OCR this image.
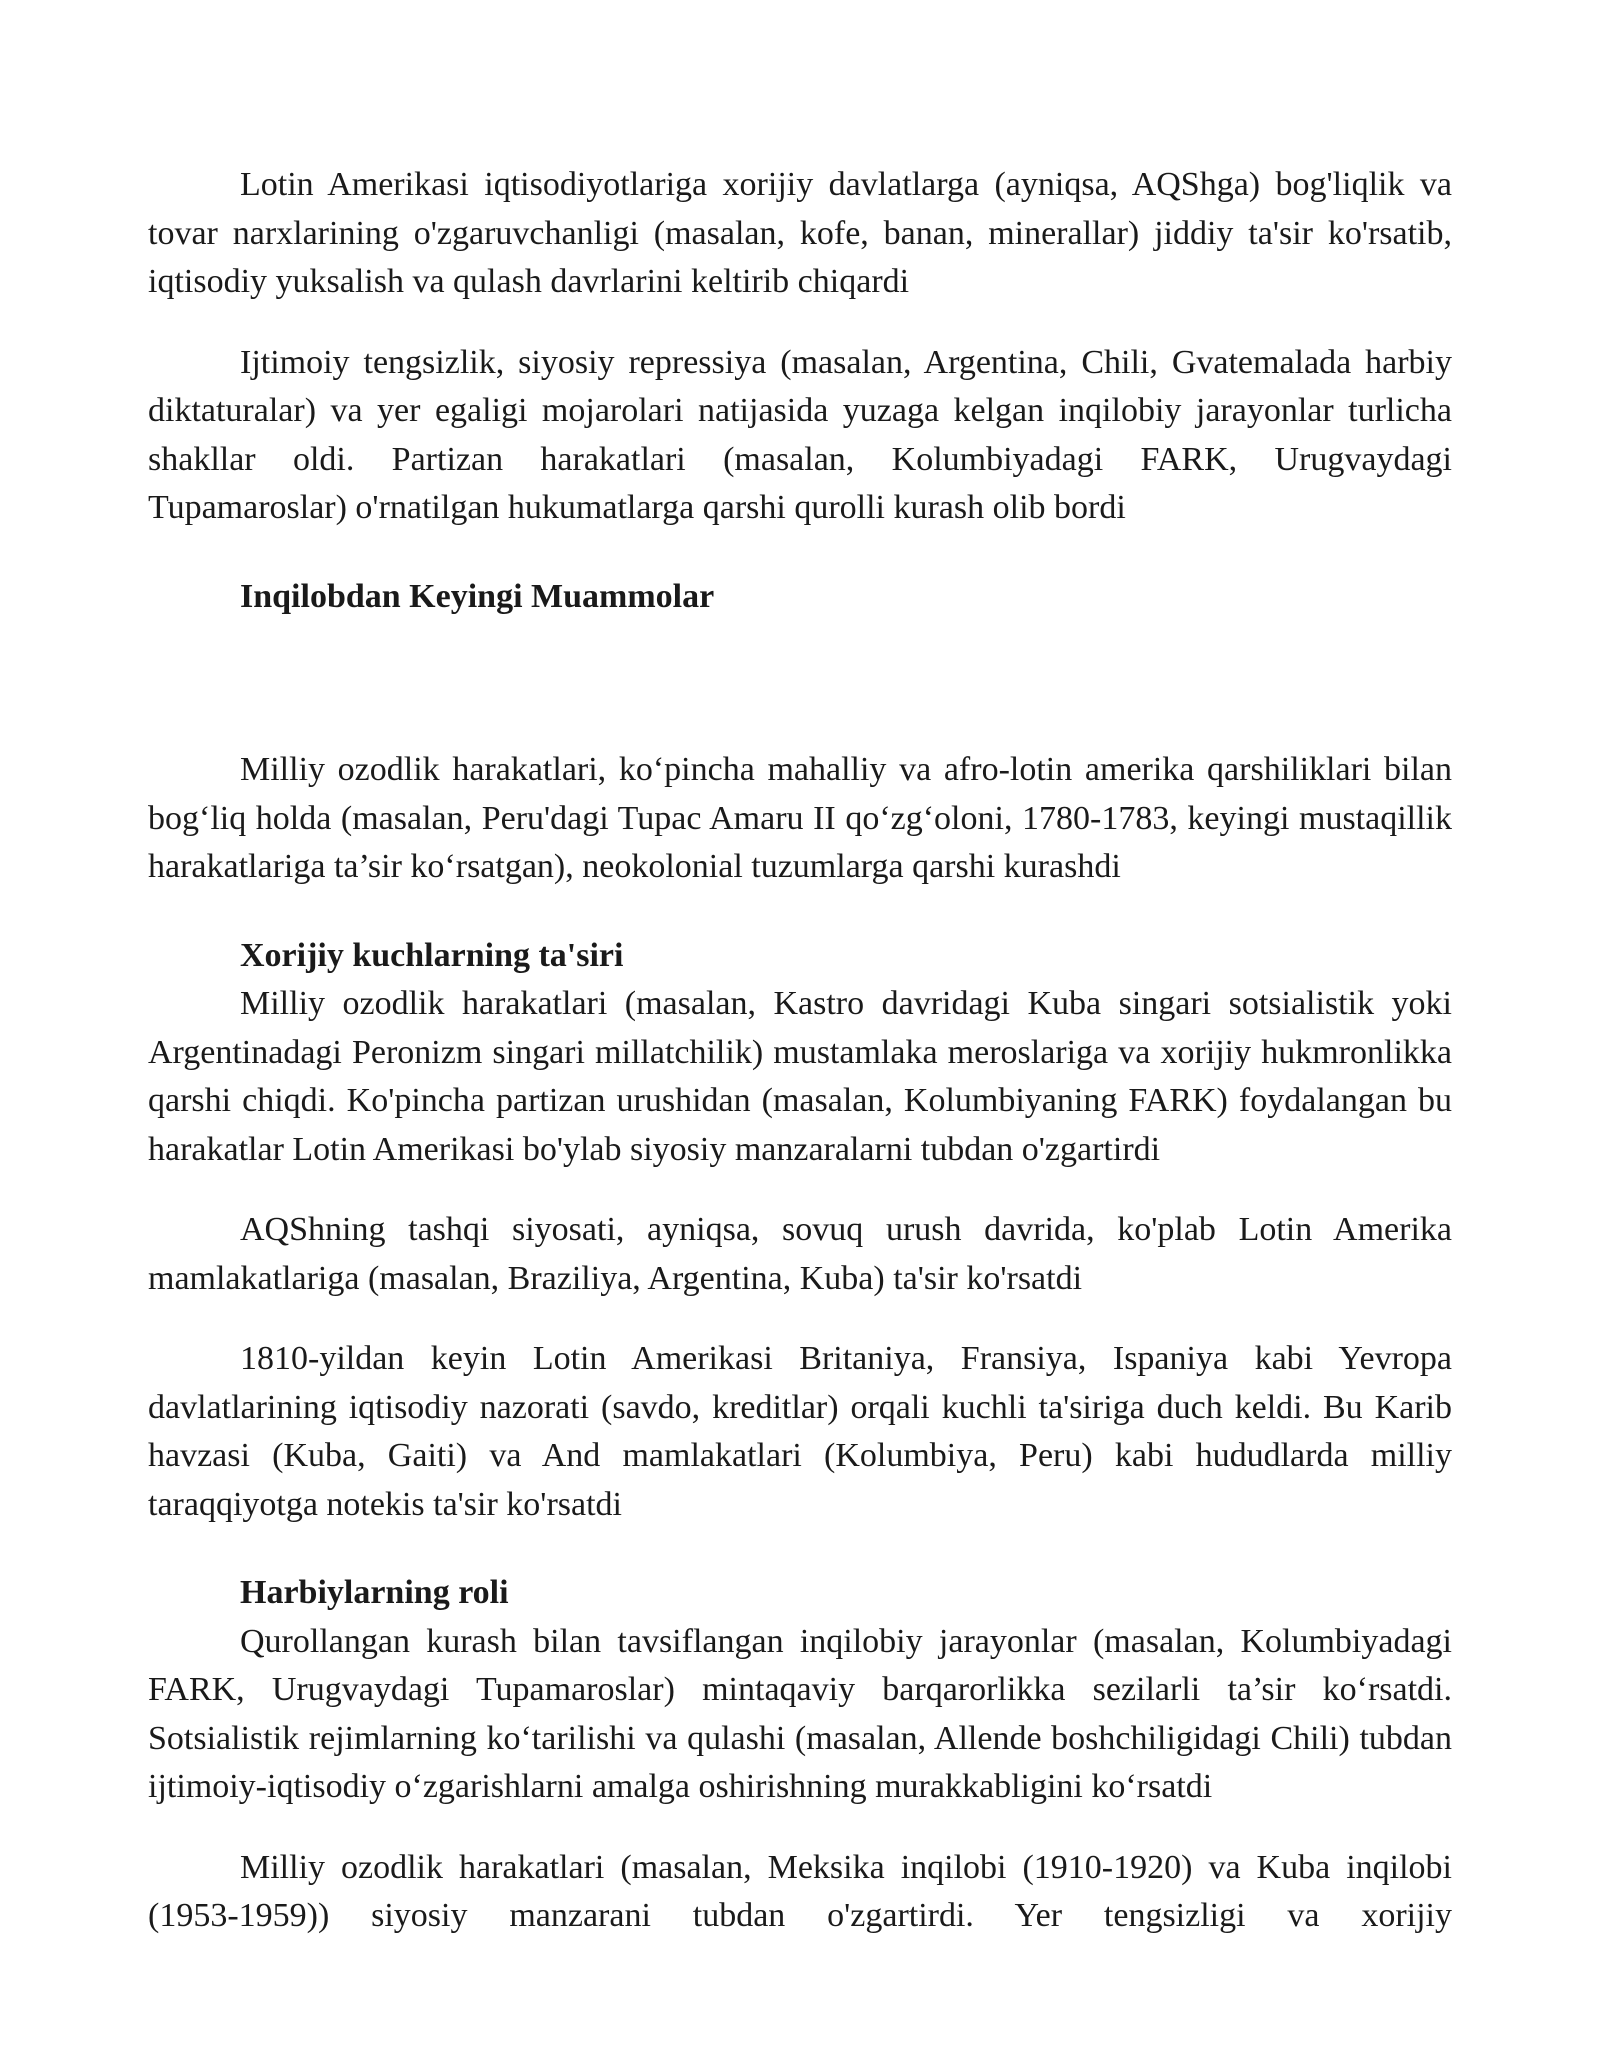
Lotin Amerikasi iqtisodiyotlariga xorijiy davlatlarga (ayniqsa, AQShga) bog'liqlik va tovar narxlarining o'zgaruvchanligi (masalan, kofe, banan, minerallar) jiddiy ta'sir ko'rsatib, iqtisodiy yuksalish va qulash davrlarini keltirib chiqardi

Ijtimoiy tengsizlik, siyosiy repressiya (masalan, Argentina, Chili, Gvatemalada harbiy diktaturalar) va yer egaligi mojarolari natijasida yuzaga kelgan inqilobiy jarayonlar turlicha shakllar oldi. Partizan harakatlari (masalan, Kolumbiyadagi FARK, Urugvaydagi Tupamaroslar) o'rnatilgan hukumatlarga qarshi qurolli kurash olib bordi

Inqilobdan Keyingi Muammolar

Milliy ozodlik harakatlari, ko‘pincha mahalliy va afro-lotin amerika qarshiliklari bilan bog‘liq holda (masalan, Peru'dagi Tupac Amaru II qo‘zg‘oloni, 1780-1783, keyingi mustaqillik harakatlariga ta’sir ko‘rsatgan), neokolonial tuzumlarga qarshi kurashdi

Xorijiy kuchlarning ta'siri

Milliy ozodlik harakatlari (masalan, Kastro davridagi Kuba singari sotsialistik yoki Argentinadagi Peronizm singari millatchilik) mustamlaka meroslariga va xorijiy hukmronlikka qarshi chiqdi. Ko'pincha partizan urushidan (masalan, Kolumbiyaning FARK) foydalangan bu harakatlar Lotin Amerikasi bo'ylab siyosiy manzaralarni tubdan o'zgartirdi

AQShning tashqi siyosati, ayniqsa, sovuq urush davrida, ko'plab Lotin Amerika mamlakatlariga (masalan, Braziliya, Argentina, Kuba) ta'sir ko'rsatdi

1810-yildan keyin Lotin Amerikasi Britaniya, Fransiya, Ispaniya kabi Yevropa davlatlarining iqtisodiy nazorati (savdo, kreditlar) orqali kuchli ta'siriga duch keldi. Bu Karib havzasi (Kuba, Gaiti) va And mamlakatlari (Kolumbiya, Peru) kabi hududlarda milliy taraqqiyotga notekis ta'sir ko'rsatdi

Harbiylarning roli

Qurollangan kurash bilan tavsiflangan inqilobiy jarayonlar (masalan, Kolumbiyadagi FARK, Urugvaydagi Tupamaroslar) mintaqaviy barqarorlikka sezilarli ta’sir ko‘rsatdi. Sotsialistik rejimlarning ko‘tarilishi va qulashi (masalan, Allende boshchiligidagi Chili) tubdan ijtimoiy-iqtisodiy o‘zgarishlarni amalga oshirishning murakkabligini ko‘rsatdi

Milliy ozodlik harakatlari (masalan, Meksika inqilobi (1910-1920) va Kuba inqilobi (1953-1959)) siyosiy manzarani tubdan o'zgartirdi. Yer tengsizligi va xorijiy
